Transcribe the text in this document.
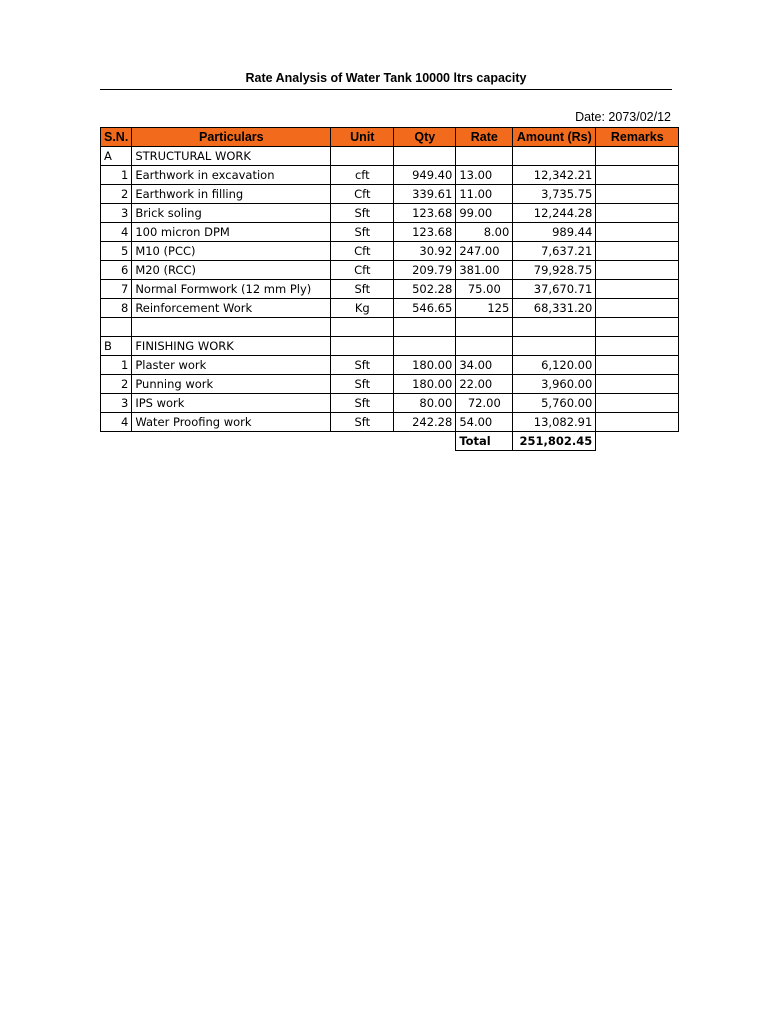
Rate Analysis of Water Tank 10000 ltrs capacity
Date: 2073/02/12
S.N.	Particulars	Unit	Qty	Rate	Amount (Rs)	Remarks
A	STRUCTURAL WORK					
1	Earthwork in excavation	cft	949.40	13.00	12,342.21	
2	Earthwork in filling	Cft	339.61	11.00	3,735.75	
3	Brick soling	Sft	123.68	99.00	12,244.28	
4	100 micron DPM	Sft	123.68	8.00	989.44	
5	M10 (PCC)	Cft	30.92	247.00	7,637.21	
6	M20 (RCC)	Cft	209.79	381.00	79,928.75	
7	Normal Formwork (12 mm Ply)	Sft	502.28	75.00	37,670.71	
8	Reinforcement Work	Kg	546.65	125	68,331.20	

B	FINISHING WORK					
1	Plaster work	Sft	180.00	34.00	6,120.00	
2	Punning work	Sft	180.00	22.00	3,960.00	
3	IPS work	Sft	80.00	72.00	5,760.00	
4	Water Proofing work	Sft	242.28	54.00	13,082.91	
				Total	251,802.45	
